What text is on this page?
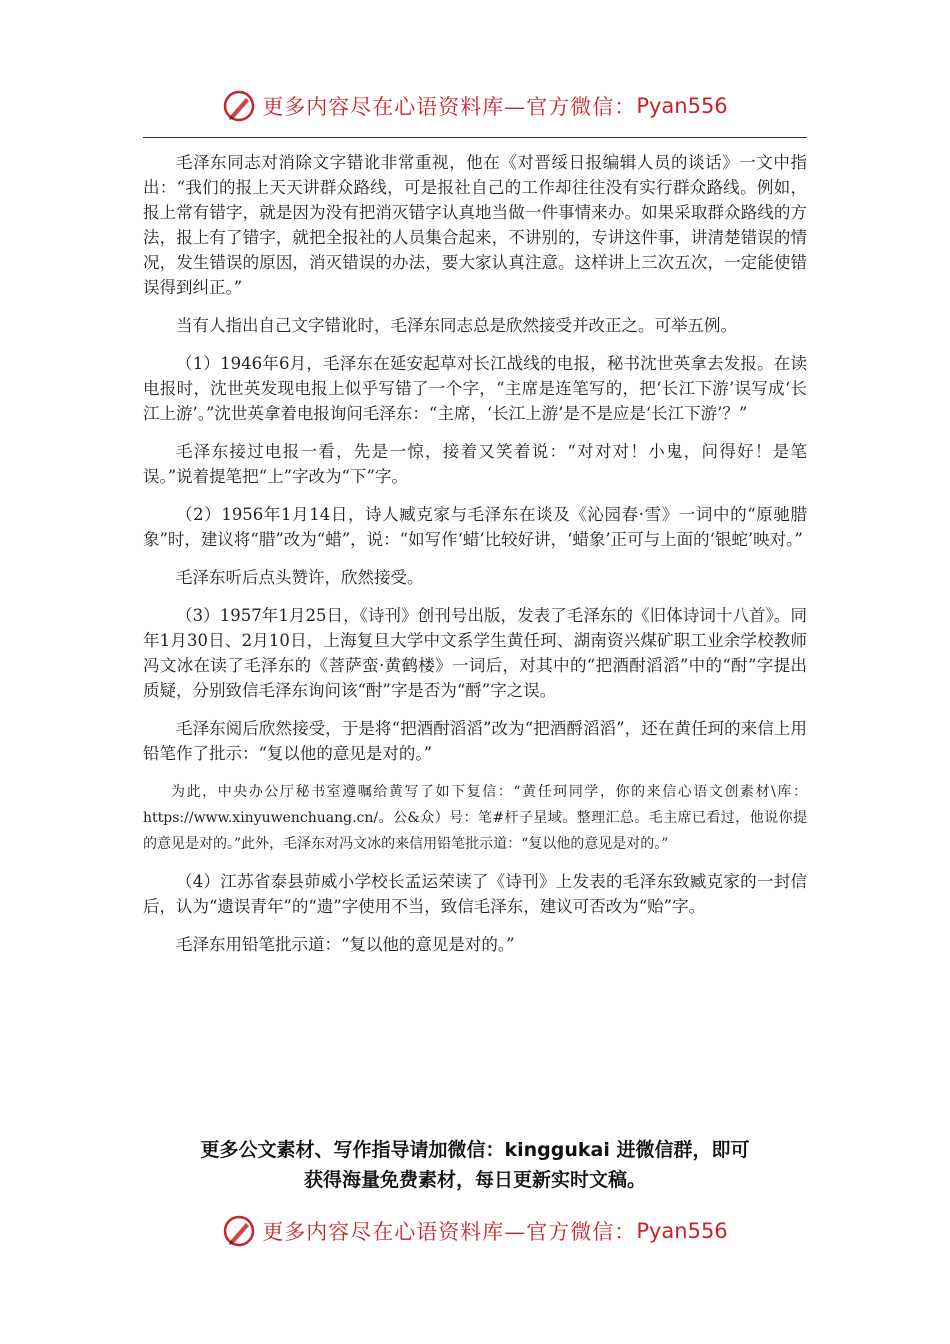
更多内容尽在心语资料库—官方微信： Pyan556

毛泽东同志对消除文字错讹非常重视，他在《对晋绥日报编辑人员的谈话》一文中指出：“我们的报上天天讲群众路线，可是报社自己的工作却往往没有实行群众路线。例如，报上常有错字，就是因为没有把消灭错字认真地当做一件事情来办。如果采取群众路线的方法，报上有了错字，就把全报社的人员集合起来，不讲别的，专讲这件事，讲清楚错误的情况，发生错误的原因，消灭错误的办法，要大家认真注意。这样讲上三次五次，一定能使错误得到纠正。”

当有人指出自己文字错讹时，毛泽东同志总是欣然接受并改正之。可举五例。

（1）1946年6月，毛泽东在延安起草对长江战线的电报，秘书沈世英拿去发报。在读电报时，沈世英发现电报上似乎写错了一个字，“主席是连笔写的，把‘长江下游’误写成‘长江上游’。”沈世英拿着电报询问毛泽东：“主席，‘长江上游’是不是应是‘长江下游’？”

毛泽东接过电报一看，先是一惊，接着又笑着说：“对对对！小鬼，问得好！是笔误。”说着提笔把“上”字改为“下”字。

（2）1956年1月14日，诗人臧克家与毛泽东在谈及《沁园春·雪》一词中的“原驰腊象”时，建议将“腊”改为“蜡”，说：“如写作‘蜡’比较好讲，‘蜡象’正可与上面的‘银蛇’映对。”

毛泽东听后点头赞许，欣然接受。

（3）1957年1月25日，《诗刊》创刊号出版，发表了毛泽东的《旧体诗词十八首》。同年1月30日、2月10日，上海复旦大学中文系学生黄任珂、湖南资兴煤矿职工业余学校教师冯文冰在读了毛泽东的《菩萨蛮·黄鹤楼》一词后，对其中的“把酒酎滔滔”中的“酎”字提出质疑，分别致信毛泽东询问该“酎”字是否为“酹”字之误。

毛泽东阅后欣然接受，于是将“把酒酎滔滔”改为“把酒酹滔滔”，还在黄任珂的来信上用铅笔作了批示：“复以他的意见是对的。”

为此，中央办公厅秘书室遵嘱给黄写了如下复信：“黄任珂同学，你的来信心语文创素材\库：https://www.xinyuwenchuang.cn/。公&众）号：笔#杆子星域。整理汇总。毛主席已看过，他说你提的意见是对的。”此外，毛泽东对冯文冰的来信用铅笔批示道：“复以他的意见是对的。”

（4）江苏省泰县茆威小学校长孟运荣读了《诗刊》上发表的毛泽东致臧克家的一封信后，认为“遗误青年”的“遗”字使用不当，致信毛泽东，建议可否改为“贻”字。

毛泽东用铅笔批示道：“复以他的意见是对的。”

更多公文素材、写作指导请加微信：kinggukai 进微信群，即可
获得海量免费素材，每日更新实时文稿。
更多内容尽在心语资料库—官方微信： Pyan556
